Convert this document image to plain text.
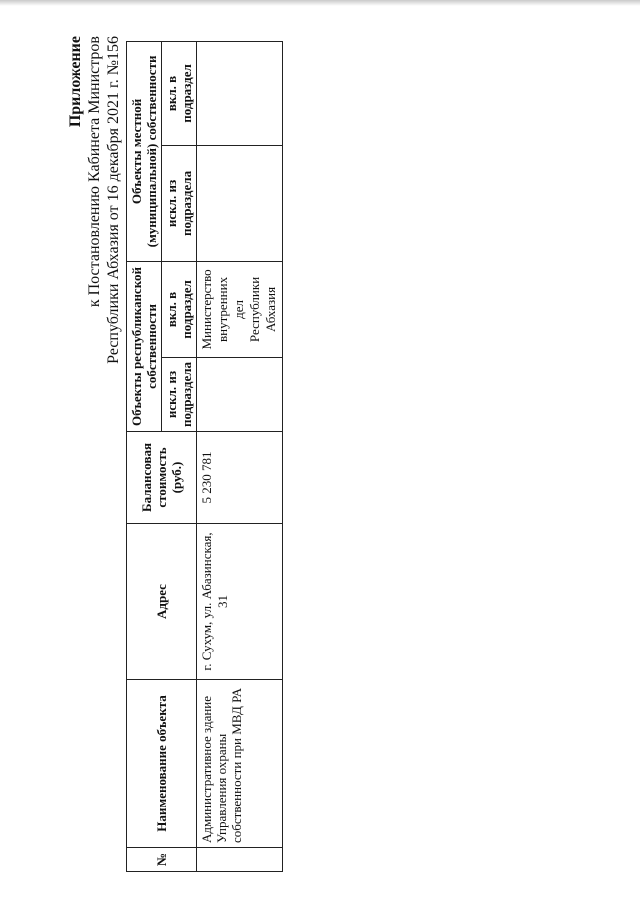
Приложение к Постановлению Кабинета Министров Республики Абхазия от 16 декабря 2021 г. №156
№	Наименование объекта	Адрес	Балансовая стоимость (руб.)	Объекты республиканской собственности		Объекты местной (муниципальной) собственности	
				искл. из подраздела	вкл. в подраздел	искл. из подраздела	вкл. в подраздел
	Административное здание Управления охраны собственности при МВД РА	г. Сухум, ул. Абазинская, 31	5 230 781		Министерство внутренних дел Республики Абхазия		
